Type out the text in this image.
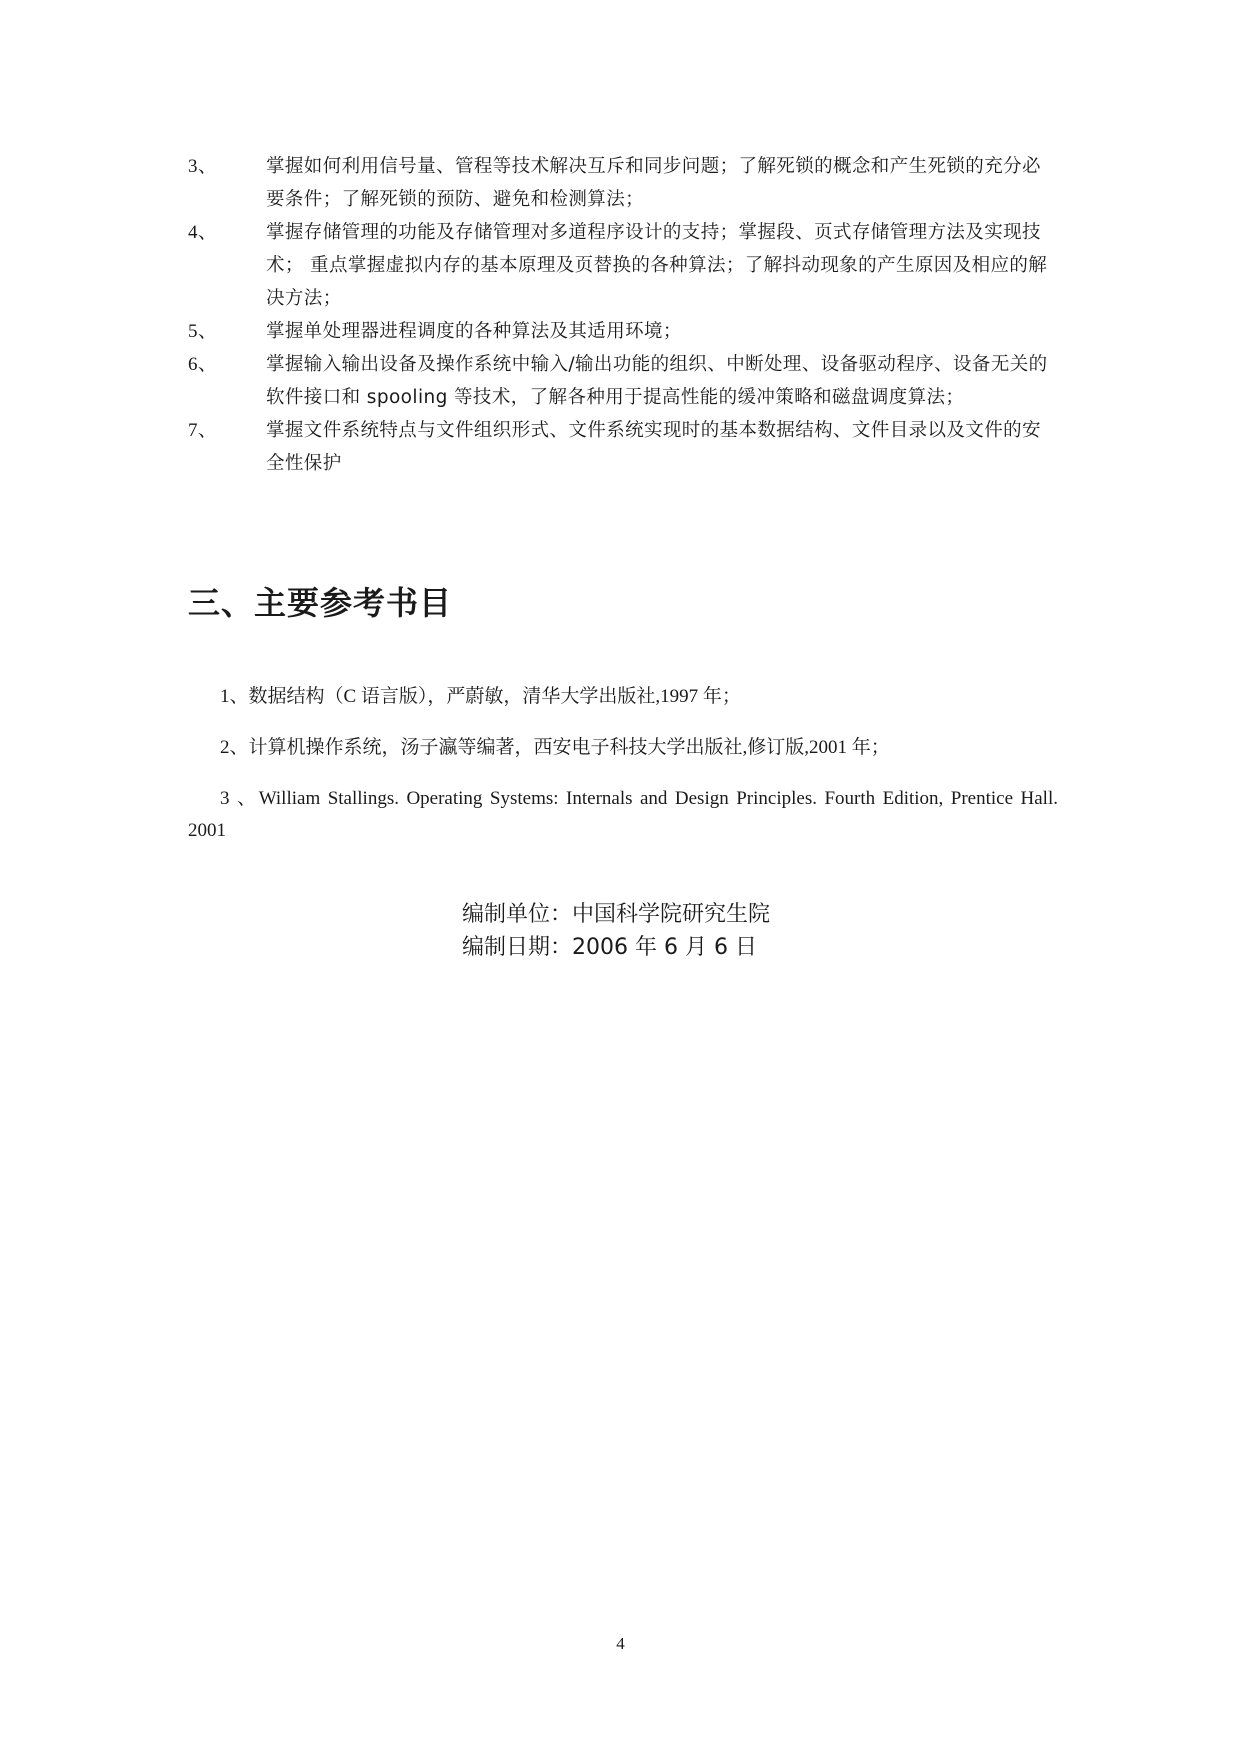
3、	掌握如何利用信号量、管程等技术解决互斥和同步问题；了解死锁的概念和产生死锁的充分必要条件；了解死锁的预防、避免和检测算法；
4、	掌握存储管理的功能及存储管理对多道程序设计的支持；掌握段、页式存储管理方法及实现技术； 重点掌握虚拟内存的基本原理及页替换的各种算法；了解抖动现象的产生原因及相应的解决方法；
5、	掌握单处理器进程调度的各种算法及其适用环境；
6、	掌握输入输出设备及操作系统中输入/输出功能的组织、中断处理、设备驱动程序、设备无关的软件接口和 spooling 等技术，了解各种用于提高性能的缓冲策略和磁盘调度算法；
7、	掌握文件系统特点与文件组织形式、文件系统实现时的基本数据结构、文件目录以及文件的安全性保护
三、主要参考书目

1、数据结构（C 语言版），严蔚敏，清华大学出版社,1997 年；

2、计算机操作系统，汤子瀛等编著，西安电子科技大学出版社,修订版,2001 年；

3 、William Stallings. Operating Systems: Internals and Design Principles. Fourth Edition, Prentice Hall. 2001

编制单位：中国科学院研究生院
编制日期：2006 年 6 月 6 日
4
